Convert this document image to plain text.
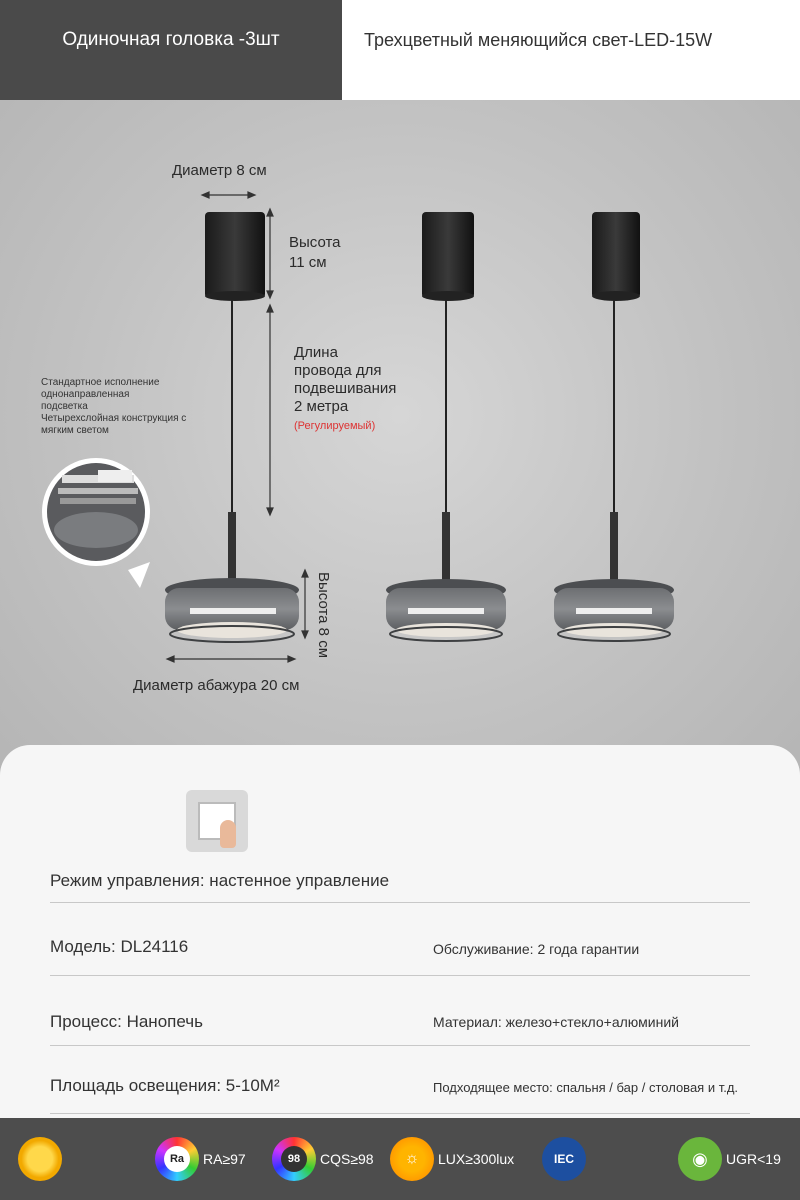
Одиночная головка -3шт	Трехцветный меняющийся свет-LED-15W
Диаметр 8 см
Высота
11 см
Длина
провода для
подвешивания
2 метра
(Регулируемый)
Высота 8 см
Диаметр абажура 20 см
Стандартное исполнение
однонаправленная
подсветка
Четырехслойная конструкция с
мягким светом
Режим управления: настенное управление
Модель: DL24116	Обслуживание: 2 года гарантии
Процесс: Нанопечь	Материал: железо+стекло+алюминий
Площадь освещения: 5-10M²	Подходящее место: спальня / бар / столовая и т.д.
Ra	RA≥97	98	CQS≥98	☼	LUX≥300lux	IEC	◉	UGR<19
